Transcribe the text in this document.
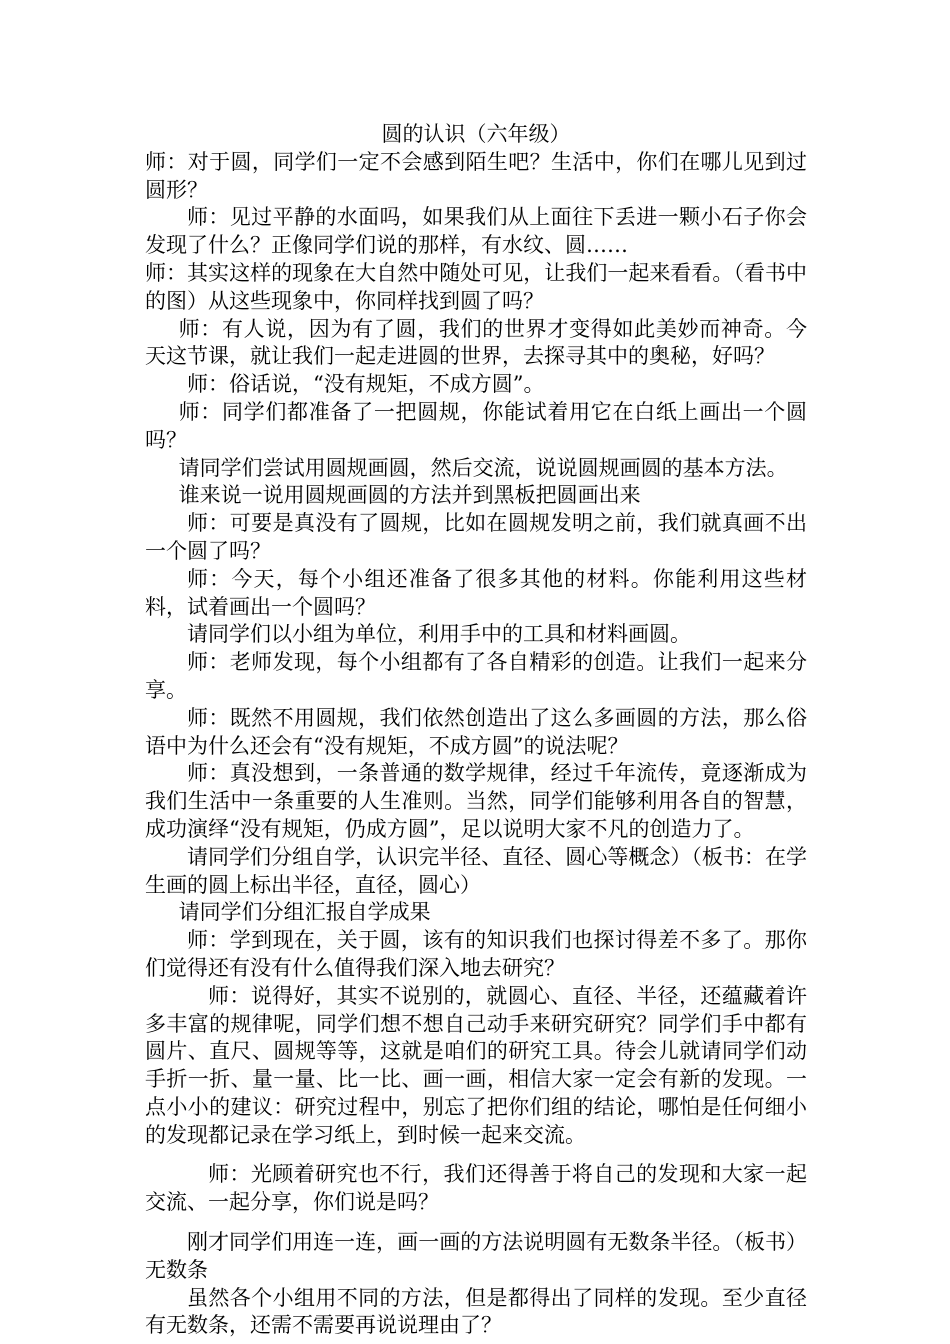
圆的认识（六年级）

师：对于圆，同学们一定不会感到陌生吧？生活中，你们在哪儿见到过圆形？

师：见过平静的水面吗，如果我们从上面往下丢进一颗小石子你会发现了什么？正像同学们说的那样，有水纹、圆……

师：其实这样的现象在大自然中随处可见，让我们一起来看看。（看书中的图）从这些现象中，你同样找到圆了吗？

师：有人说，因为有了圆，我们的世界才变得如此美妙而神奇。今天这节课，就让我们一起走进圆的世界，去探寻其中的奥秘，好吗？

师：俗话说，“没有规矩，不成方圆”。

师：同学们都准备了一把圆规，你能试着用它在白纸上画出一个圆吗？

请同学们尝试用圆规画圆，然后交流，说说圆规画圆的基本方法。

谁来说一说用圆规画圆的方法并到黑板把圆画出来

师：可要是真没有了圆规，比如在圆规发明之前，我们就真画不出一个圆了吗？

师：今天，每个小组还准备了很多其他的材料。你能利用这些材料，试着画出一个圆吗？

请同学们以小组为单位，利用手中的工具和材料画圆。

师：老师发现，每个小组都有了各自精彩的创造。让我们一起来分享。

师：既然不用圆规，我们依然创造出了这么多画圆的方法，那么俗语中为什么还会有“没有规矩，不成方圆”的说法呢？

师：真没想到，一条普通的数学规律，经过千年流传，竟逐渐成为我们生活中一条重要的人生准则。当然，同学们能够利用各自的智慧，成功演绎“没有规矩，仍成方圆”，足以说明大家不凡的创造力了。

请同学们分组自学，认识完半径、直径、圆心等概念）（板书：在学生画的圆上标出半径，直径，圆心）

请同学们分组汇报自学成果

师：学到现在，关于圆，该有的知识我们也探讨得差不多了。那你们觉得还有没有什么值得我们深入地去研究？

师：说得好，其实不说别的，就圆心、直径、半径，还蕴藏着许多丰富的规律呢，同学们想不想自己动手来研究研究？同学们手中都有圆片、直尺、圆规等等，这就是咱们的研究工具。待会儿就请同学们动手折一折、量一量、比一比、画一画，相信大家一定会有新的发现。一点小小的建议：研究过程中，别忘了把你们组的结论，哪怕是任何细小的发现都记录在学习纸上，到时候一起来交流。

师：光顾着研究也不行，我们还得善于将自己的发现和大家一起交流、一起分享，你们说是吗？

刚才同学们用连一连，画一画的方法说明圆有无数条半径。（板书）无数条

虽然各个小组用不同的方法，但是都得出了同样的发现。至少直径有无数条，还需不需要再说说理由了？
